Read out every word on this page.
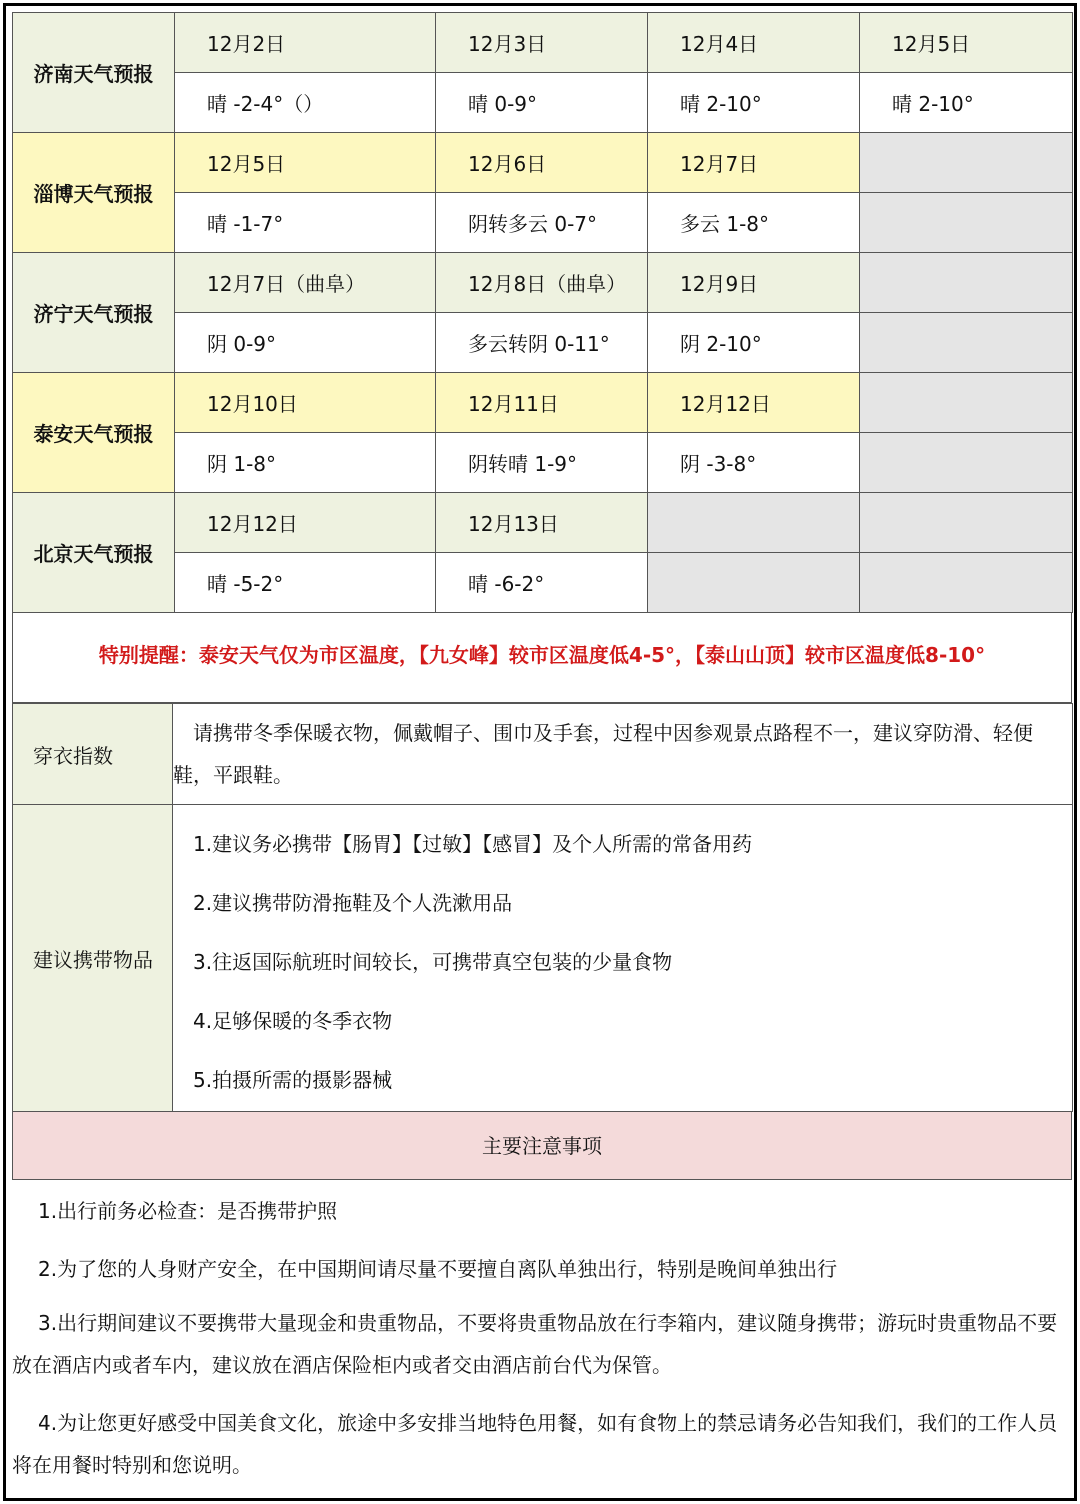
济南天气预报	12月2日	12月3日	12月4日	12月5日
	晴 -2-4°（）	晴 0-9°	晴 2-10°	晴 2-10°
淄博天气预报	12月5日	12月6日	12月7日	
	晴 -1-7°	阴转多云 0-7°	多云 1-8°	
济宁天气预报	12月7日（曲阜）	12月8日（曲阜）	12月9日	
	阴 0-9°	多云转阴 0-11°	阴 2-10°	
泰安天气预报	12月10日	12月11日	12月12日	
	阴 1-8°	阴转晴 1-9°	阴 -3-8°	
北京天气预报	12月12日	12月13日		
	晴 -5-2°	晴 -6-2°		
特别提醒：泰安天气仅为市区温度，【九女峰】较市区温度低4-5°，【泰山山顶】较市区温度低8-10°
穿衣指数	请携带冬季保暖衣物，佩戴帽子、围巾及手套，过程中因参观景点路程不一，建议穿防滑、轻便鞋，平跟鞋。
建议携带物品	1.建议务必携带【肠胃】【过敏】【感冒】及个人所需的常备用药
2.建议携带防滑拖鞋及个人洗漱用品
3.往返国际航班时间较长，可携带真空包装的少量食物
4.足够保暖的冬季衣物
5.拍摄所需的摄影器械
主要注意事项

1.出行前务必检查：是否携带护照

2.为了您的人身财产安全，在中国期间请尽量不要擅自离队单独出行，特别是晚间单独出行

3.出行期间建议不要携带大量现金和贵重物品，不要将贵重物品放在行李箱内，建议随身携带；游玩时贵重物品不要放在酒店内或者车内，建议放在酒店保险柜内或者交由酒店前台代为保管。

4.为让您更好感受中国美食文化，旅途中多安排当地特色用餐，如有食物上的禁忌请务必告知我们，我们的工作人员将在用餐时特别和您说明。
